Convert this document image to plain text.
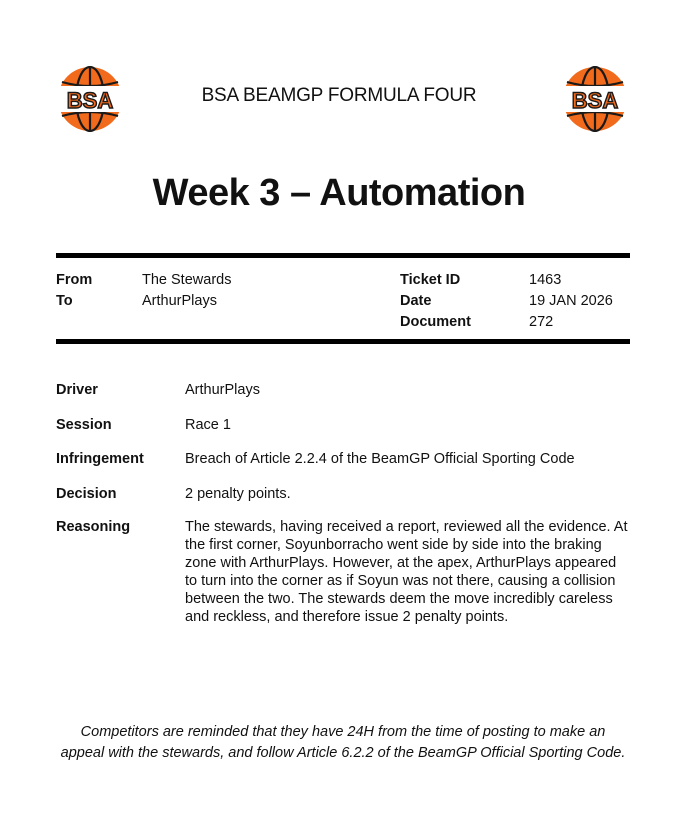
BSA	BSA BEAMGP FORMULA FOUR	BSA
Week 3 – Automation
From	The Stewards
To	ArthurPlays
Ticket ID	1463
Date	19 JAN 2026
Document	272
Driver	ArthurPlays
Session	Race 1
Infringement	Breach of Article 2.2.4 of the BeamGP Official Sporting Code
Decision	2 penalty points.
Reasoning	The stewards, having received a report, reviewed all the evidence. At the first corner, Soyunborracho went side by side into the braking zone with ArthurPlays. However, at the apex, ArthurPlays appeared to turn into the corner as if Soyun was not there, causing a collision between the two. The stewards deem the move incredibly careless and reckless, and therefore issue 2 penalty points.
Competitors are reminded that they have 24H from the time of posting to make an appeal with the stewards, and follow Article 6.2.2 of the BeamGP Official Sporting Code.
